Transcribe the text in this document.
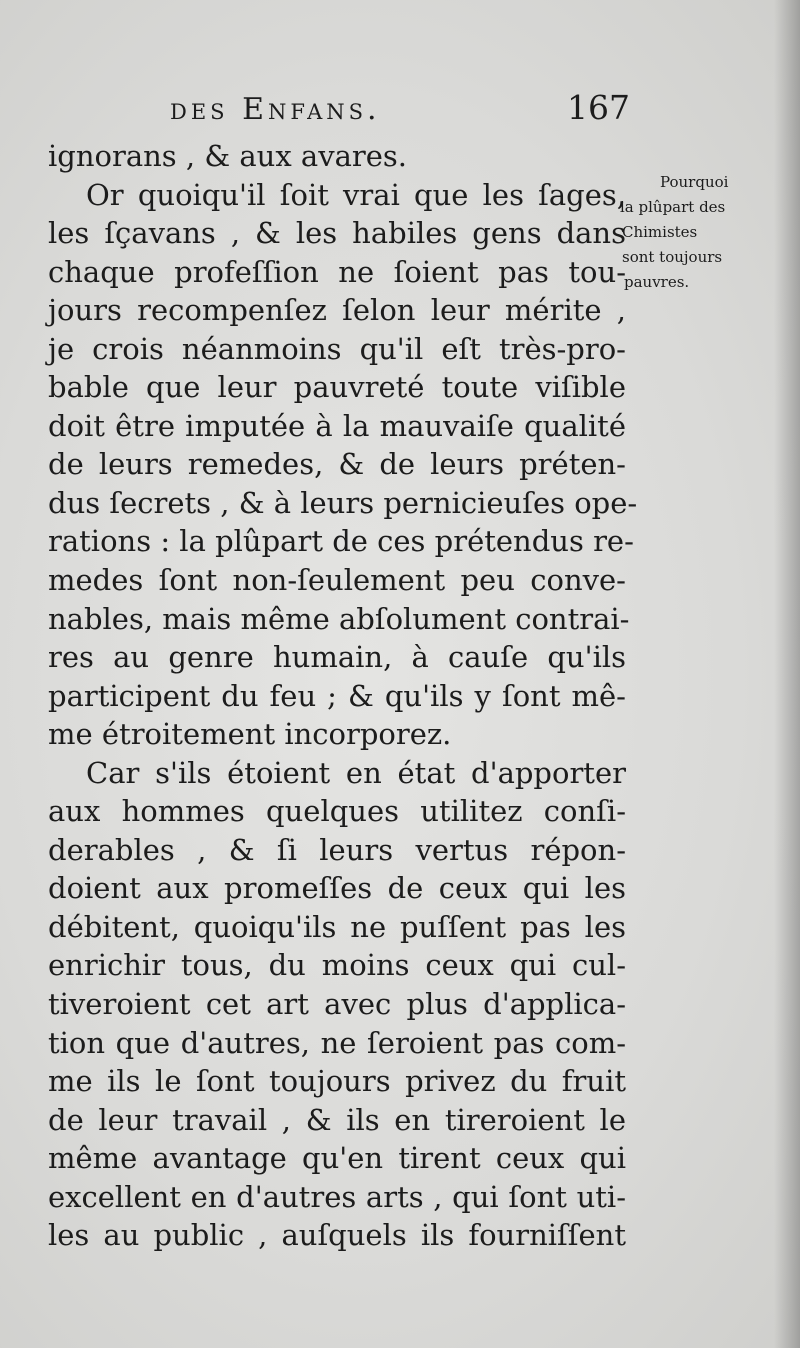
des Enfans.	167
Pourquoi
la plûpart des
Chimistes
sont toujours
pauvres.
ignorans , & aux avares.
Or quoiqu'il ſoit vrai que les ſages,
les ſçavans , & les habiles gens dans
chaque profeſſion ne ſoient pas tou-
jours recompenſez ſelon leur mérite ,
je crois néanmoins qu'il eſt très-pro-
bable que leur pauvreté toute viſible
doit être imputée à la mauvaiſe qualité
de leurs remedes, & de leurs préten-
dus ſecrets , & à leurs pernicieuſes ope-
rations : la plûpart de ces prétendus re-
medes ſont non-ſeulement peu conve-
nables, mais même abſolument contrai-
res au genre humain, à cauſe qu'ils
participent du feu ; & qu'ils y ſont mê-
me étroitement incorporez.
Car s'ils étoient en état d'apporter
aux hommes quelques utilitez conſi-
derables , & ſi leurs vertus répon-
doient aux promeſſes de ceux qui les
débitent, quoiqu'ils ne puſſent pas les
enrichir tous, du moins ceux qui cul-
tiveroient cet art avec plus d'applica-
tion que d'autres, ne ſeroient pas com-
me ils le ſont toujours privez du fruit
de leur travail , & ils en tireroient le
même avantage qu'en tirent ceux qui
excellent en d'autres arts , qui ſont uti-
les au public , auſquels ils fourniſſent
